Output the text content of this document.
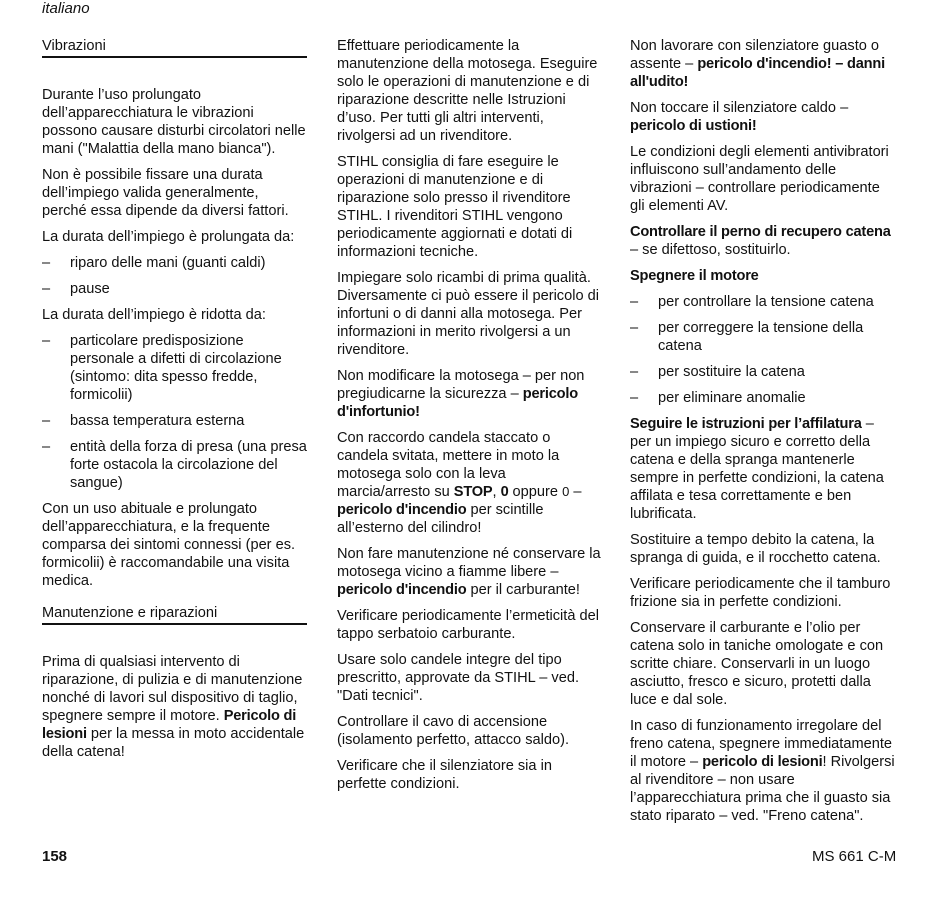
italiano
Vibrazioni

Durante l’uso prolungato dell’apparecchiatura le vibrazioni possono causare disturbi circolatori nelle mani ("Malattia della mano bianca").

Non è possibile fissare una durata dell’impiego valida generalmente, perché essa dipende da diversi fattori.

La durata dell’impiego è prolungata da:

– riparo delle mani (guanti caldi)
– pause

La durata dell’impiego è ridotta da:

– particolare predisposizione personale a difetti di circolazione (sintomo: dita spesso fredde, formicolii)
– bassa temperatura esterna
– entità della forza di presa (una presa forte ostacola la circolazione del sangue)

Con un uso abituale e prolungato dell’apparecchiatura, e la frequente comparsa dei sintomi connessi (per es. formicolii) è raccomandabile una visita medica.

Manutenzione e riparazioni

Prima di qualsiasi intervento di riparazione, di pulizia e di manutenzione nonché di lavori sul dispositivo di taglio, spegnere sempre il motore. Pericolo di lesioni per la messa in moto accidentale della catena!

Effettuare periodicamente la manutenzione della motosega. Eseguire solo le operazioni di manutenzione e di riparazione descritte nelle Istruzioni d’uso. Per tutti gli altri interventi, rivolgersi ad un rivenditore.

STIHL consiglia di fare eseguire le operazioni di manutenzione e di riparazione solo presso il rivenditore STIHL. I rivenditori STIHL vengono periodicamente aggiornati e dotati di informazioni tecniche.

Impiegare solo ricambi di prima qualità. Diversamente ci può essere il pericolo di infortuni o di danni alla motosega. Per informazioni in merito rivolgersi a un rivenditore.

Non modificare la motosega – per non pregiudicarne la sicurezza – pericolo d'infortunio!

Con raccordo candela staccato o candela svitata, mettere in moto la motosega solo con la leva marcia/arresto su STOP, 0 oppure 0 – pericolo d'incendio per scintille all’esterno del cilindro!

Non fare manutenzione né conservare la motosega vicino a fiamme libere – pericolo d'incendio per il carburante!

Verificare periodicamente l’ermeticità del tappo serbatoio carburante.

Usare solo candele integre del tipo prescritto, approvate da STIHL – ved. "Dati tecnici".

Controllare il cavo di accensione (isolamento perfetto, attacco saldo).

Verificare che il silenziatore sia in perfette condizioni.

Non lavorare con silenziatore guasto o assente – pericolo d'incendio! – danni all'udito!

Non toccare il silenziatore caldo – pericolo di ustioni!

Le condizioni degli elementi antivibratori influiscono sull’andamento delle vibrazioni – controllare periodicamente gli elementi AV.

Controllare il perno di recupero catena – se difettoso, sostituirlo.

Spegnere il motore

– per controllare la tensione catena
– per correggere la tensione della catena
– per sostituire la catena
– per eliminare anomalie

Seguire le istruzioni per l’affilatura – per un impiego sicuro e corretto della catena e della spranga mantenerle sempre in perfette condizioni, la catena affilata e tesa correttamente e ben lubrificata.

Sostituire a tempo debito la catena, la spranga di guida, e il rocchetto catena.

Verificare periodicamente che il tamburo frizione sia in perfette condizioni.

Conservare il carburante e l’olio per catena solo in taniche omologate e con scritte chiare. Conservarli in un luogo asciutto, fresco e sicuro, protetti dalla luce e dal sole.

In caso di funzionamento irregolare del freno catena, spegnere immediatamente il motore – pericolo di lesioni! Rivolgersi al rivenditore – non usare l’apparecchiatura prima che il guasto sia stato riparato – ved. "Freno catena".

158	MS 661 C-M
